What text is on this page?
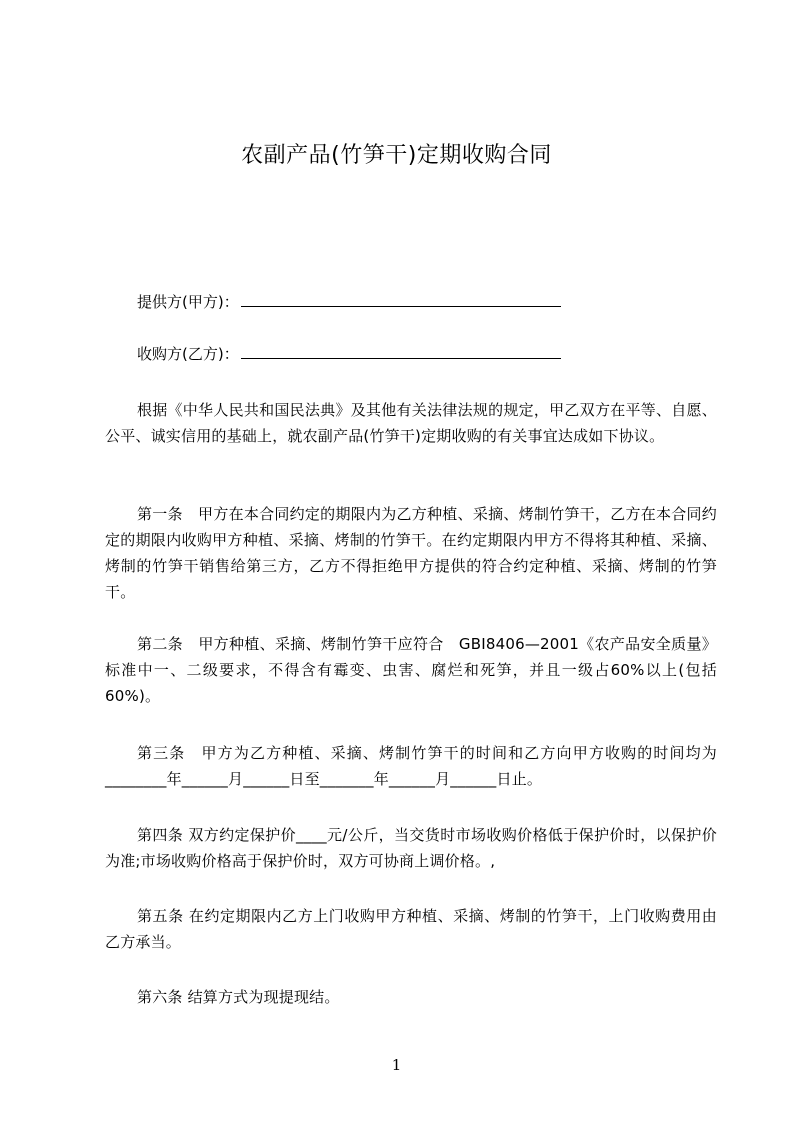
农副产品(竹笋干)定期收购合同
提供方(甲方)：
收购方(乙方)：
根据《中华人民共和国民法典》及其他有关法律法规的规定，甲乙双方在平等、自愿、公平、诚实信用的基础上，就农副产品(竹笋干)定期收购的有关事宜达成如下协议。
第一条　甲方在本合同约定的期限内为乙方种植、采摘、烤制竹笋干，乙方在本合同约定的期限内收购甲方种植、采摘、烤制的竹笋干。在约定期限内甲方不得将其种植、采摘、烤制的竹笋干销售给第三方，乙方不得拒绝甲方提供的符合约定种植、采摘、烤制的竹笋干。
第二条　甲方种植、采摘、烤制竹笋干应符合　GBI8406—2001《农产品安全质量》标准中一、二级要求，不得含有霉变、虫害、腐烂和死笋，并且一级占60%以上(包括60%)。
第三条　甲方为乙方种植、采摘、烤制竹笋干的时间和乙方向甲方收购的时间均为________年______月______日至_______年______月______日止。
第四条 双方约定保护价____元/公斤，当交货时市场收购价格低于保护价时，以保护价为准;市场收购价格高于保护价时，双方可协商上调价格。,
第五条 在约定期限内乙方上门收购甲方种植、采摘、烤制的竹笋干，上门收购费用由乙方承当。
第六条 结算方式为现提现结。
1
